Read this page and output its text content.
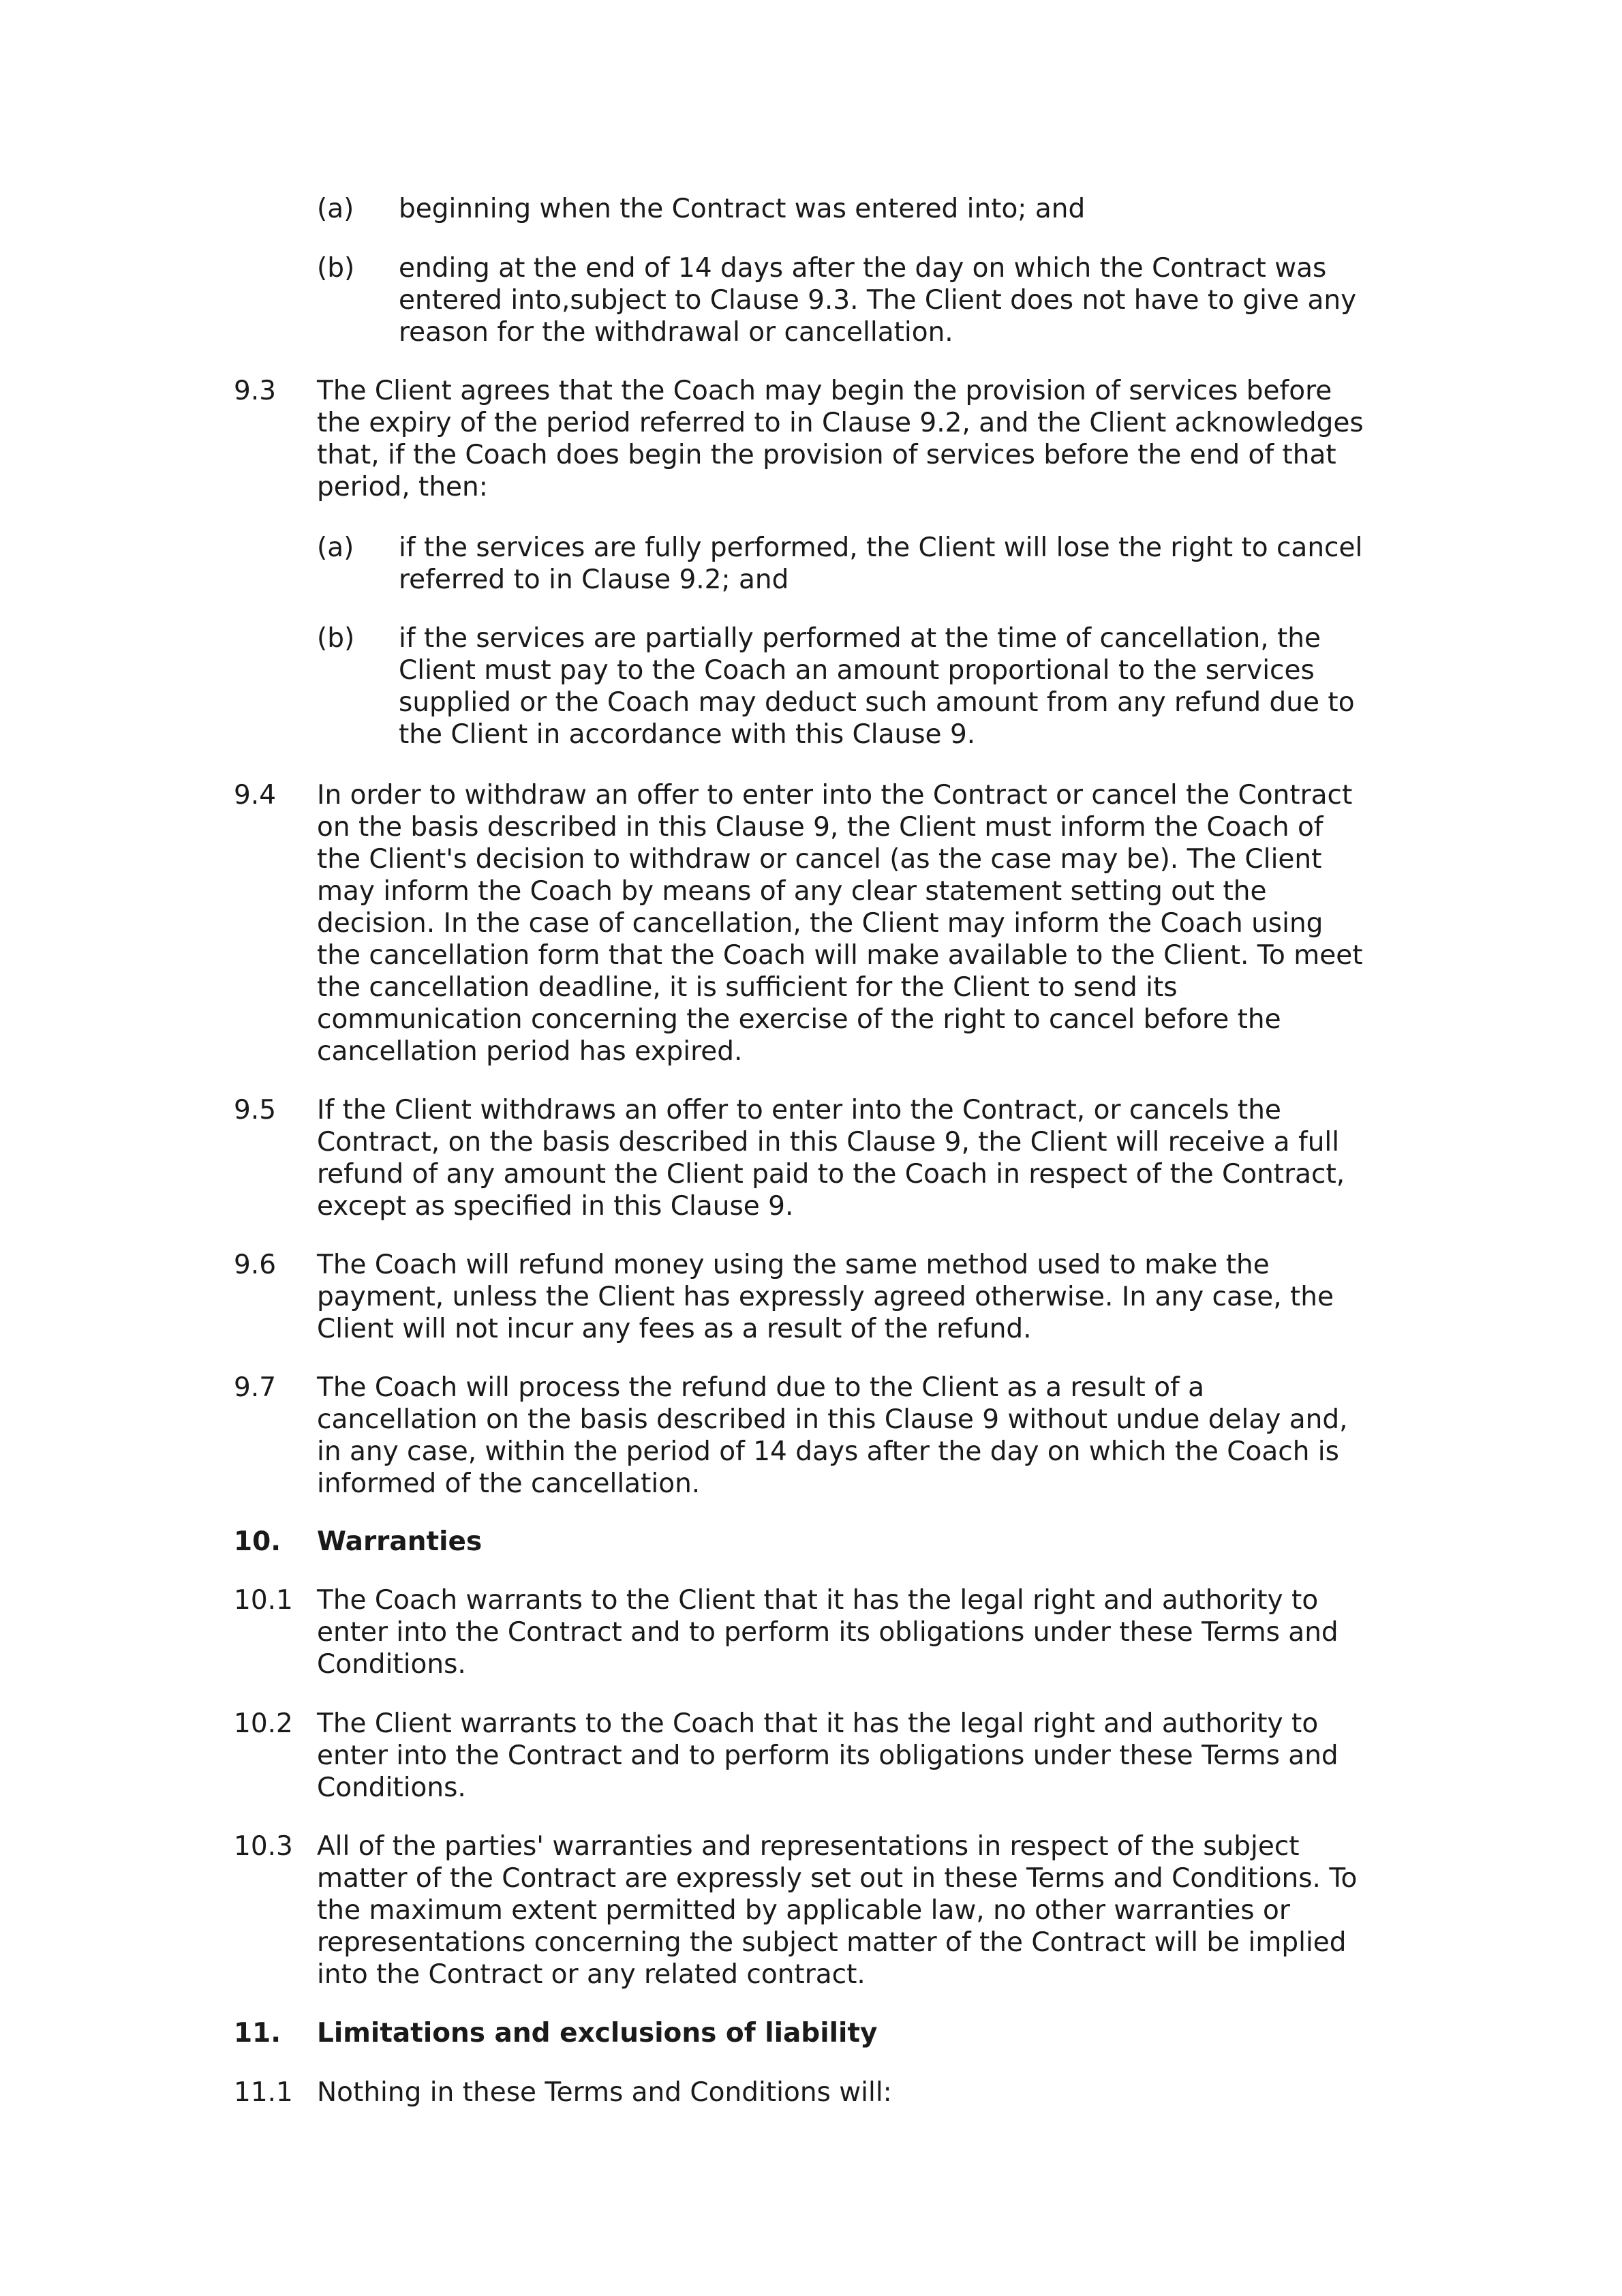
(a) beginning when the Contract was entered into; and
(b) ending at the end of 14 days after the day on which the Contract was
entered into,subject to Clause 9.3. The Client does not have to give any
reason for the withdrawal or cancellation.
9.3 The Client agrees that the Coach may begin the provision of services before
the expiry of the period referred to in Clause 9.2, and the Client acknowledges
that, if the Coach does begin the provision of services before the end of that
period, then:
(a) if the services are fully performed, the Client will lose the right to cancel
referred to in Clause 9.2; and
(b) if the services are partially performed at the time of cancellation, the
Client must pay to the Coach an amount proportional to the services
supplied or the Coach may deduct such amount from any refund due to
the Client in accordance with this Clause 9.
9.4 In order to withdraw an offer to enter into the Contract or cancel the Contract
on the basis described in this Clause 9, the Client must inform the Coach of
the Client's decision to withdraw or cancel (as the case may be). The Client
may inform the Coach by means of any clear statement setting out the
decision. In the case of cancellation, the Client may inform the Coach using
the cancellation form that the Coach will make available to the Client. To meet
the cancellation deadline, it is sufficient for the Client to send its
communication concerning the exercise of the right to cancel before the
cancellation period has expired.
9.5 If the Client withdraws an offer to enter into the Contract, or cancels the
Contract, on the basis described in this Clause 9, the Client will receive a full
refund of any amount the Client paid to the Coach in respect of the Contract,
except as specified in this Clause 9.
9.6 The Coach will refund money using the same method used to make the
payment, unless the Client has expressly agreed otherwise. In any case, the
Client will not incur any fees as a result of the refund.
9.7 The Coach will process the refund due to the Client as a result of a
cancellation on the basis described in this Clause 9 without undue delay and,
in any case, within the period of 14 days after the day on which the Coach is
informed of the cancellation.
10. Warranties
10.1 The Coach warrants to the Client that it has the legal right and authority to
enter into the Contract and to perform its obligations under these Terms and
Conditions.
10.2 The Client warrants to the Coach that it has the legal right and authority to
enter into the Contract and to perform its obligations under these Terms and
Conditions.
10.3 All of the parties' warranties and representations in respect of the subject
matter of the Contract are expressly set out in these Terms and Conditions. To
the maximum extent permitted by applicable law, no other warranties or
representations concerning the subject matter of the Contract will be implied
into the Contract or any related contract.
11. Limitations and exclusions of liability
11.1 Nothing in these Terms and Conditions will:
